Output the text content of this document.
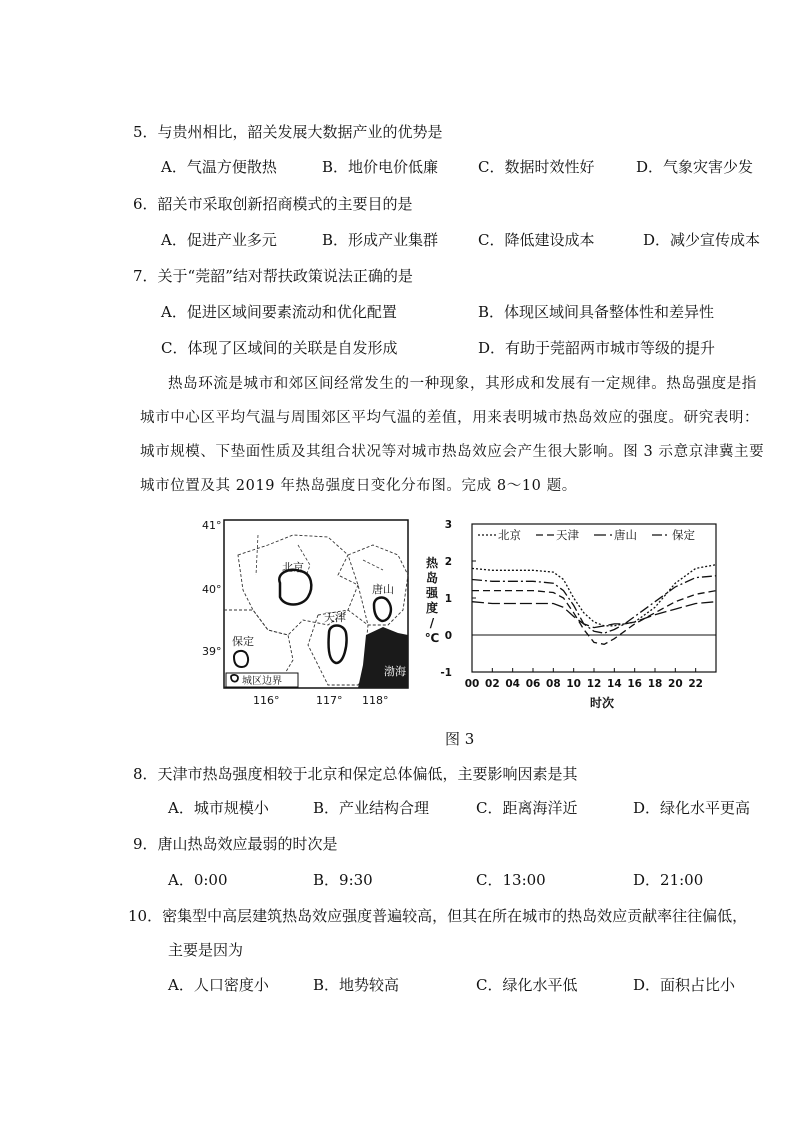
5．与贵州相比，韶关发展大数据产业的优势是
A．气温方便散热	B．地价电价低廉	C．数据时效性好	D．气象灾害少发
6．韶关市采取创新招商模式的主要目的是
A．促进产业多元	B．形成产业集群	C．降低建设成本	D．减少宣传成本
7．关于“莞韶”结对帮扶政策说法正确的是
A．促进区域间要素流动和优化配置	B．体现区域间具备整体性和差异性
C．体现了区域间的关联是自发形成	D．有助于莞韶两市城市等级的提升
热岛环流是城市和郊区间经常发生的一种现象，其形成和发展有一定规律。热岛强度是指
城市中心区平均气温与周围郊区平均气温的差值，用来表明城市热岛效应的强度。研究表明：
城市规模、下垫面性质及其组合状况等对城市热岛效应会产生很大影响。图 3 示意京津冀主要
城市位置及其 2019 年热岛强度日变化分布图。完成 8～10 题。
41°
40°
39°
渤海
北京
天津
唐山
保定
城区边界
116°	117° 118°
3
2
1
0
-1
00 02 04 06 08 10 12 14 16 18 20 22
北京	天津	唐山	保定
热
岛
强
度
/
℃
时次
图 3
8．天津市热岛强度相较于北京和保定总体偏低，主要影响因素是其
A．城市规模小	B．产业结构合理	C．距离海洋近	D．绿化水平更高
9．唐山热岛效应最弱的时次是
A．0:00	B．9:30	C．13:00	D．21:00
10．密集型中高层建筑热岛效应强度普遍较高，但其在所在城市的热岛效应贡献率往往偏低，
主要是因为
A．人口密度小	B．地势较高	C．绿化水平低	D．面积占比小
